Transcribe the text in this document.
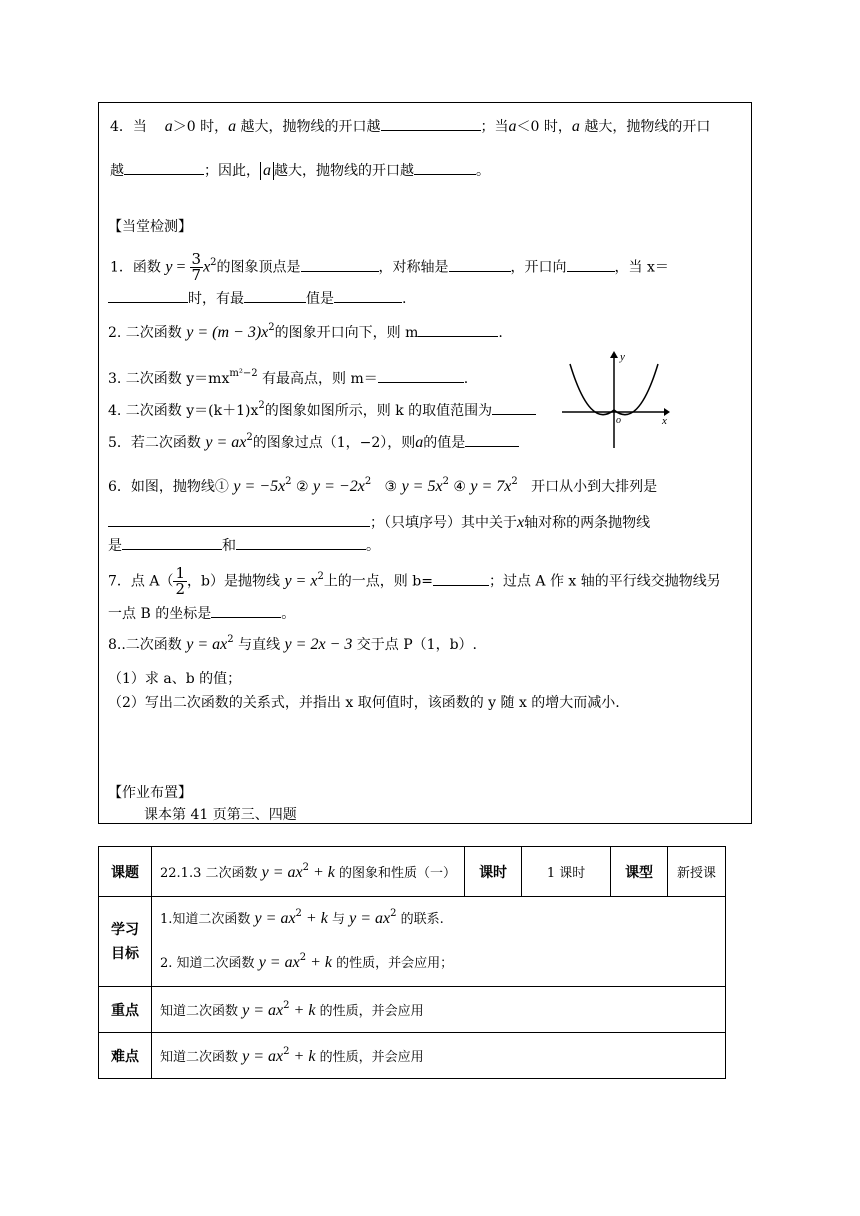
4．当 a＞0 时，a 越大，抛物线的开口越	；当a＜0 时，a 越大，抛物线的开口
越	；因此， a 越大，抛物线的开口越	。
【当堂检测】
1．函数 $y = \frac{3}{7} x^2$的图象顶点是	，对称轴是	，开口向	，当 x＝
时，有最	值是	.
2. 二次函数 $y = (m - 3)x^2$的图象开口向下，则 m	.
3. 二次函数 $y=mx^{m^2-2}$ 有最高点，则 m＝	.
4. 二次函数 $y=(k+1)x^2$的图象如图所示，则 k 的取值范围为
5．若二次函数 $y = ax^2$的图象过点（1，−2），则a的值是
y
x
o
6．如图，抛物线① $y = -5x^2$ ② $y = -2x^2$ ③ $y = 5x^2$ ④ $y = 7x^2$ 开口从小到大排列是
；（只填序号）其中关于x轴对称的两条抛物线
是	和	。
7．点 $A( \frac{1}{2}$ ，b）是抛物线 $y = x^2$上的一点，则 b=	；过点 A 作 x 轴的平行线交抛物线另
一点 B 的坐标是	。
8..二次函数 $y = ax^2$ 与直线 y = 2x − 3 交于点 P（1，b）.
（1）求 a、b 的值；
（2）写出二次函数的关系式，并指出 x 取何值时，该函数的 y 随 x 的增大而减小.
【作业布置】
课本第 41 页第三、四题
课题	22.1.3 二次函数 $y = ax^2 + k$ 的图象和性质（一）	课时	1 课时	课型	新授课
学习目标	1.知道二次函数 $y = ax^2 + k$ 与 $y = ax^2$ 的联系.
2. 知道二次函数 $y = ax^2 + k$ 的性质，并会应用；				

重点	知道二次函数 $y = ax^2 + k$ 的性质，并会应用				
难点	知道二次函数 $y = ax^2 + k$ 的性质，并会应用				
